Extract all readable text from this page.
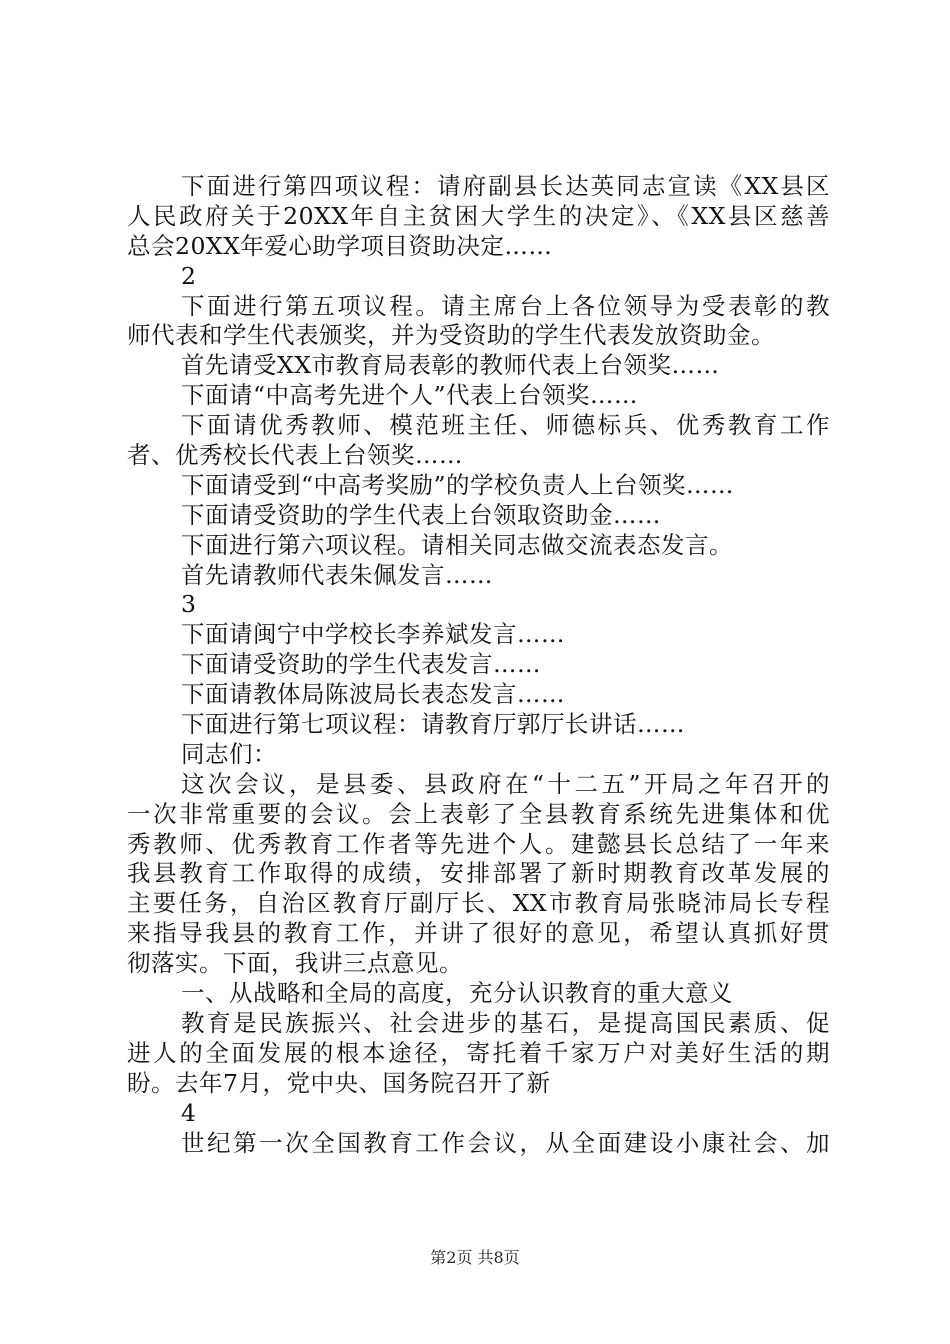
下面进行第四项议程：请府副县长达英同志宣读《XX县区
人民政府关于20XX年自主贫困大学生的决定》、《XX县区慈善
总会20XX年爱心助学项目资助决定……
2
下面进行第五项议程。请主席台上各位领导为受表彰的教
师代表和学生代表颁奖，并为受资助的学生代表发放资助金。
首先请受XX市教育局表彰的教师代表上台领奖……
下面请“中高考先进个人”代表上台领奖……
下面请优秀教师、模范班主任、师德标兵、优秀教育工作
者、优秀校长代表上台领奖……
下面请受到“中高考奖励”的学校负责人上台领奖……
下面请受资助的学生代表上台领取资助金……
下面进行第六项议程。请相关同志做交流表态发言。
首先请教师代表朱佩发言……
3
下面请闽宁中学校长李养斌发言……
下面请受资助的学生代表发言……
下面请教体局陈波局长表态发言……
下面进行第七项议程：请教育厅郭厅长讲话……
同志们：
这次会议，是县委、县政府在“十二五”开局之年召开的
一次非常重要的会议。会上表彰了全县教育系统先进集体和优
秀教师、优秀教育工作者等先进个人。建懿县长总结了一年来
我县教育工作取得的成绩，安排部署了新时期教育改革发展的
主要任务，自治区教育厅副厅长、XX市教育局张晓沛局长专程
来指导我县的教育工作，并讲了很好的意见，希望认真抓好贯
彻落实。下面，我讲三点意见。
一、从战略和全局的高度，充分认识教育的重大意义
教育是民族振兴、社会进步的基石，是提高国民素质、促
进人的全面发展的根本途径，寄托着千家万户对美好生活的期
盼。去年7月，党中央、国务院召开了新
4
世纪第一次全国教育工作会议，从全面建设小康社会、加
第2页 共8页
